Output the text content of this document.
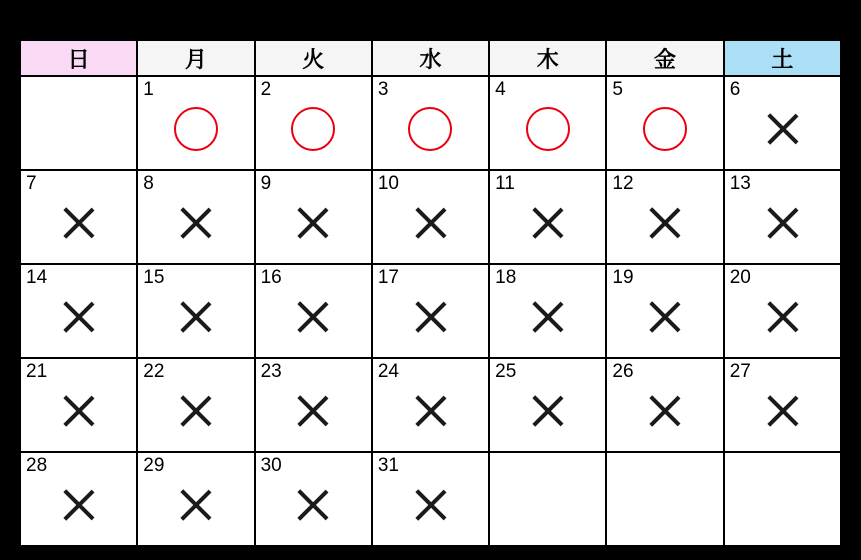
日	月	火	水	木	金	土

	1	2	3	4	5	6

7	8	9	10	11	12	13

14	15	16	17	18	19	20

21	22	23	24	25	26	27

28	29	30	31			
